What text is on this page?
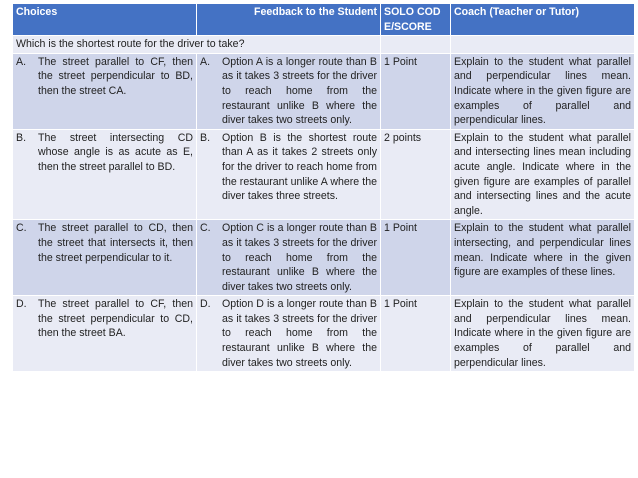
Choices	Feedback to the Student	SOLO CODE/SCORE	Coach (Teacher or Tutor)
Which is the shortest route for the driver to take?			

A. The street parallel to CF, then the street perpendicular to BD, then the street CA.	A. Option A is a longer route than B as it takes 3 streets for the driver to reach home from the restaurant unlike B where the diver takes two streets only.	1 Point	Explain to the student what parallel and perpendicular lines mean. Indicate where in the given figure are examples of parallel and perpendicular lines.

B. The street intersecting CD whose angle is as acute as E, then the street parallel to BD.	B. Option B is the shortest route than A as it takes 2 streets only for the driver to reach home from the restaurant unlike A where the diver takes three streets.	2 points	Explain to the student what parallel and intersecting lines mean including acute angle. Indicate where in the given figure are examples of parallel and intersecting lines and the acute angle.

C. The street parallel to CD, then the street that intersects it, then the street perpendicular to it.	C. Option C is a longer route than B as it takes 3 streets for the driver to reach home from the restaurant unlike B where the diver takes two streets only.	1 Point	Explain to the student what parallel intersecting, and perpendicular lines mean. Indicate where in the given figure are examples of these lines.

D. The street parallel to CF, then the street perpendicular to CD, then the street BA.	D. Option D is a longer route than B as it takes 3 streets for the driver to reach home from the restaurant unlike B where the diver takes two streets only.	1 Point	Explain to the student what parallel and perpendicular lines mean. Indicate where in the given figure are examples of parallel and perpendicular lines.
